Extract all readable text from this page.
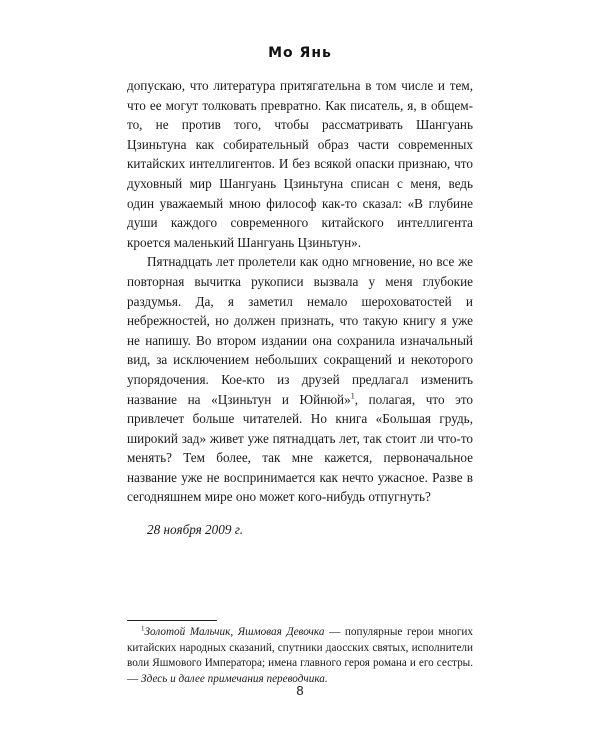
Мо Янь

допускаю, что литература притягательна в том числе и тем, что ее могут толковать превратно. Как писатель, я, в общем-то, не против того, чтобы рассматривать Шангуань Цзиньтуна как собирательный образ части современных китайских интеллигентов. И без всякой опаски признаю, что духовный мир Шангуань Цзиньтуна списан с меня, ведь один уважаемый мною философ как-то сказал: «В глубине души каждого современного китайского интеллигента кроется маленький Шангуань Цзиньтун».

Пятнадцать лет пролетели как одно мгновение, но все же повторная вычитка рукописи вызвала у меня глубокие раздумья. Да, я заметил немало шероховатостей и небрежностей, но должен признать, что такую книгу я уже не напишу. Во втором издании она сохранила изначальный вид, за исключением небольших сокращений и некоторого упорядочения. Кое-кто из друзей предлагал изменить название на «Цзиньтун и Юйнюй»$^1$, полагая, что это привлечет больше читателей. Но книга «Большая грудь, широкий зад» живет уже пятнадцать лет, так стоит ли что-то менять? Тем более, так мне кажется, первоначальное название уже не воспринимается как нечто ужасное. Разве в сегодняшнем мире оно может кого-нибудь отпугнуть?

28 ноября 2009 г.

$^1$Золотой Мальчик, Яшмовая Девочка — популярные герои многих китайских народных сказаний, спутники даосских святых, исполнители воли Яшмового Императора; имена главного героя романа и его сестры. — Здесь и далее примечания переводчика.
8
